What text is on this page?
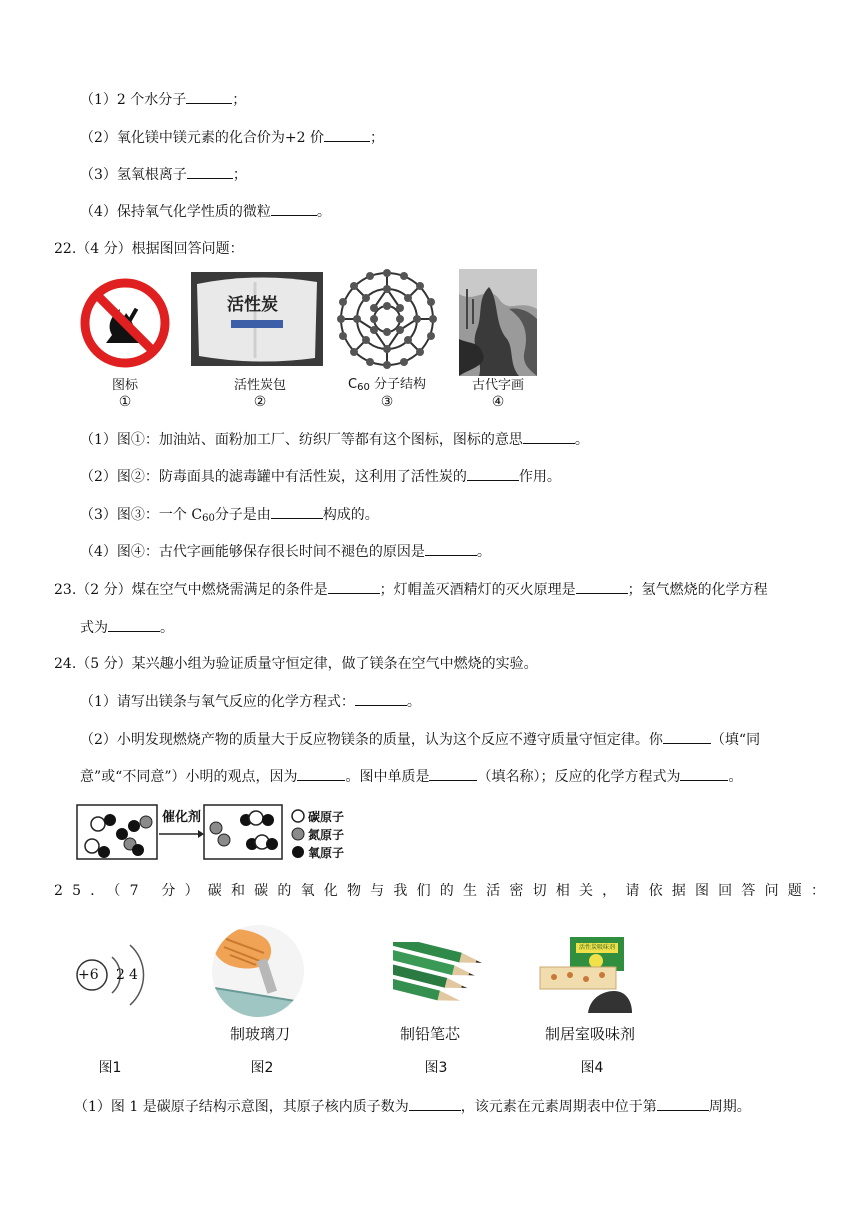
（1）2 个水分子	；
（2）氧化镁中镁元素的化合价为+2 价	；
（3）氢氧根离子	；
（4）保持氧气化学性质的微粒	。
22.（4 分）根据图回答问题：
图标
①
活性炭
活性炭包
②
$C_{60}$ 分子结构
③
古代字画
④
（1）图①：加油站、面粉加工厂、纺织厂等都有这个图标，图标的意思	。
（2）图②：防毒面具的滤毒罐中有活性炭，这利用了活性炭的	作用。
（3）图③：一个 $C_{60}$分子是由	构成的。
（4）图④：古代字画能够保存很长时间不褪色的原因是	。
23.（2 分）煤在空气中燃烧需满足的条件是	；灯帽盖灭酒精灯的灭火原理是	；氢气燃烧的化学方程
式为	。
24.（5 分）某兴趣小组为验证质量守恒定律，做了镁条在空气中燃烧的实验。
（1）请写出镁条与氧气反应的化学方程式：	。
（2）小明发现燃烧产物的质量大于反应物镁条的质量，认为这个反应不遵守质量守恒定律。你	（填“同
意”或“不同意”）小明的观点，因为	。图中单质是	（填名称）；反应的化学方程式为	。
催化剂	碳原子
氮原子
氧原子
25．（7 分）碳和碳的氧化物与我们的生活密切相关，请依据图回答问题：
+6 2 4
活性炭吸味剂
制玻璃刀	制铅笔芯	制居室吸味剂
图1	图2	图3	图4
（1）图 1 是碳原子结构示意图，其原子核内质子数为	，该元素在元素周期表中位于第	周期。
